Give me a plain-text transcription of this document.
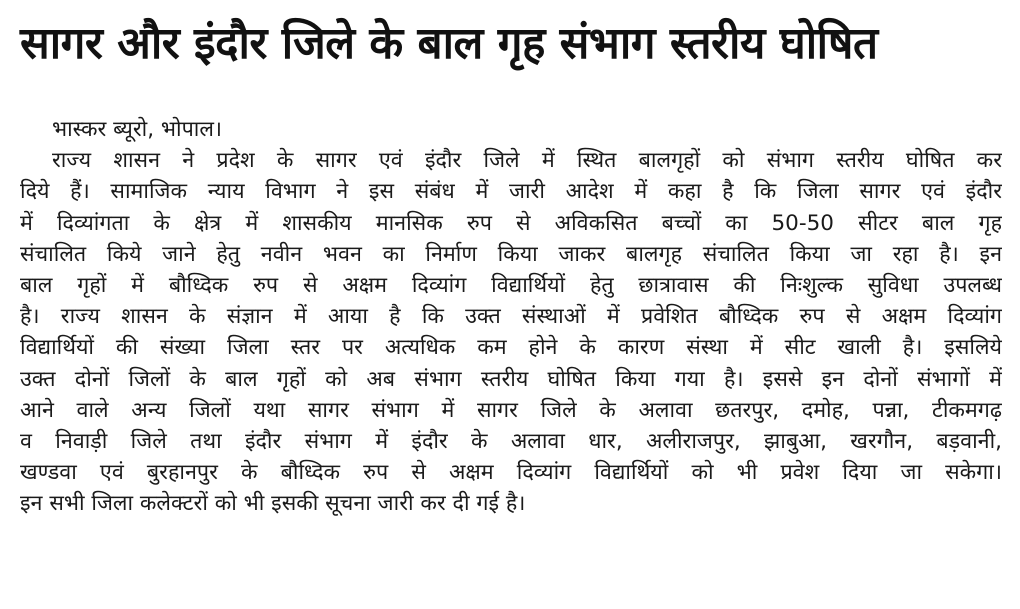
सागर और इंदौर जिले के बाल गृह संभाग स्तरीय घोषित
भास्कर ब्यूरो, भोपाल।
राज्य शासन ने प्रदेश के सागर एवं इंदौर जिले में स्थित बालगृहों को संभाग स्तरीय घोषित कर
दिये हैं। सामाजिक न्याय विभाग ने इस संबंध में जारी आदेश में कहा है कि जिला सागर एवं इंदौर
में दिव्यांगता के क्षेत्र में शासकीय मानसिक रुप से अविकसित बच्चों का 50-50 सीटर बाल गृह
संचालित किये जाने हेतु नवीन भवन का निर्माण किया जाकर बालगृह संचालित किया जा रहा है। इन
बाल गृहों में बौध्दिक रुप से अक्षम दिव्यांग विद्यार्थियों हेतु छात्रावास की निःशुल्क सुविधा उपलब्ध
है। राज्य शासन के संज्ञान में आया है कि उक्त संस्थाओं में प्रवेशित बौध्दिक रुप से अक्षम दिव्यांग
विद्यार्थियों की संख्या जिला स्तर पर अत्यधिक कम होने के कारण संस्था में सीट खाली है। इसलिये
उक्त दोनों जिलों के बाल गृहों को अब संभाग स्तरीय घोषित किया गया है। इससे इन दोनों संभागों में
आने वाले अन्य जिलों यथा सागर संभाग में सागर जिले के अलावा छतरपुर, दमोह, पन्ना, टीकमगढ़
व निवाड़ी जिले तथा इंदौर संभाग में इंदौर के अलावा धार, अलीराजपुर, झाबुआ, खरगौन, बड़वानी,
खण्डवा एवं बुरहानपुर के बौध्दिक रुप से अक्षम दिव्यांग विद्यार्थियों को भी प्रवेश दिया जा सकेगा।
इन सभी जिला कलेक्टरों को भी इसकी सूचना जारी कर दी गई है।
